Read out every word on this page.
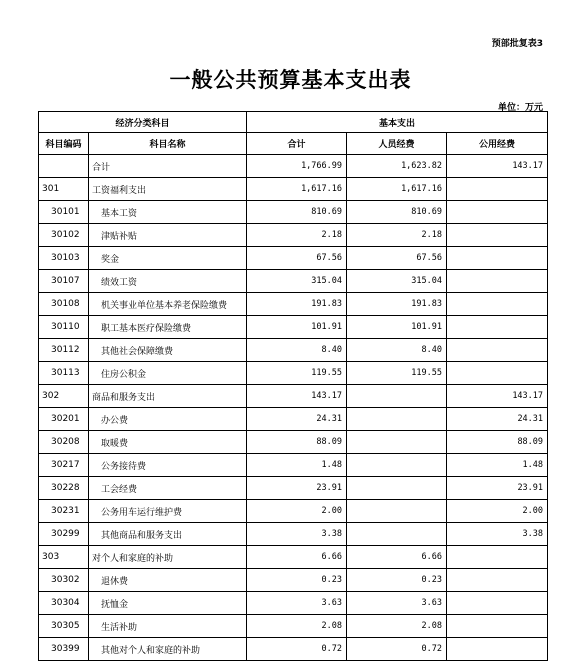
预部批复表3
一般公共预算基本支出表
单位：万元
经济分类科目		基本支出		
科目编码	科目名称	合计	人员经费	公用经费
	合计	1,766.99	1,623.82	143.17
301	工资福利支出	1,617.16	1,617.16	
30101	基本工资	810.69	810.69	
30102	津贴补贴	2.18	2.18	
30103	奖金	67.56	67.56	
30107	绩效工资	315.04	315.04	
30108	机关事业单位基本养老保险缴费	191.83	191.83	
30110	职工基本医疗保险缴费	101.91	101.91	
30112	其他社会保障缴费	8.40	8.40	
30113	住房公积金	119.55	119.55	
302	商品和服务支出	143.17		143.17
30201	办公费	24.31		24.31
30208	取暖费	88.09		88.09
30217	公务接待费	1.48		1.48
30228	工会经费	23.91		23.91
30231	公务用车运行维护费	2.00		2.00
30299	其他商品和服务支出	3.38		3.38
303	对个人和家庭的补助	6.66	6.66	
30302	退休费	0.23	0.23	
30304	抚恤金	3.63	3.63	
30305	生活补助	2.08	2.08	
30399	其他对个人和家庭的补助	0.72	0.72	
